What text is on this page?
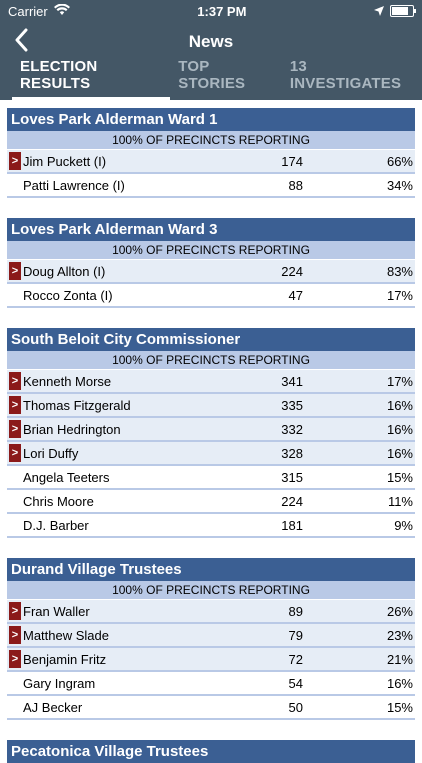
Carrier	1:37 PM
News
ELECTION RESULTS
TOP STORIES
13 INVESTIGATES
Loves Park Alderman Ward 1
100% OF PRECINCTS REPORTING
> Jim Puckett (I)	174	66%
Patti Lawrence (I)	88	34%
Loves Park Alderman Ward 3
100% OF PRECINCTS REPORTING
> Doug Allton (I)	224	83%
Rocco Zonta (I)	47	17%
South Beloit City Commissioner
100% OF PRECINCTS REPORTING
> Kenneth Morse	341	17%
> Thomas Fitzgerald	335	16%
> Brian Hedrington	332	16%
> Lori Duffy	328	16%
Angela Teeters	315	15%
Chris Moore	224	11%
D.J. Barber	181	9%
Durand Village Trustees
100% OF PRECINCTS REPORTING
> Fran Waller	89	26%
> Matthew Slade	79	23%
> Benjamin Fritz	72	21%
Gary Ingram	54	16%
AJ Becker	50	15%
Pecatonica Village Trustees
